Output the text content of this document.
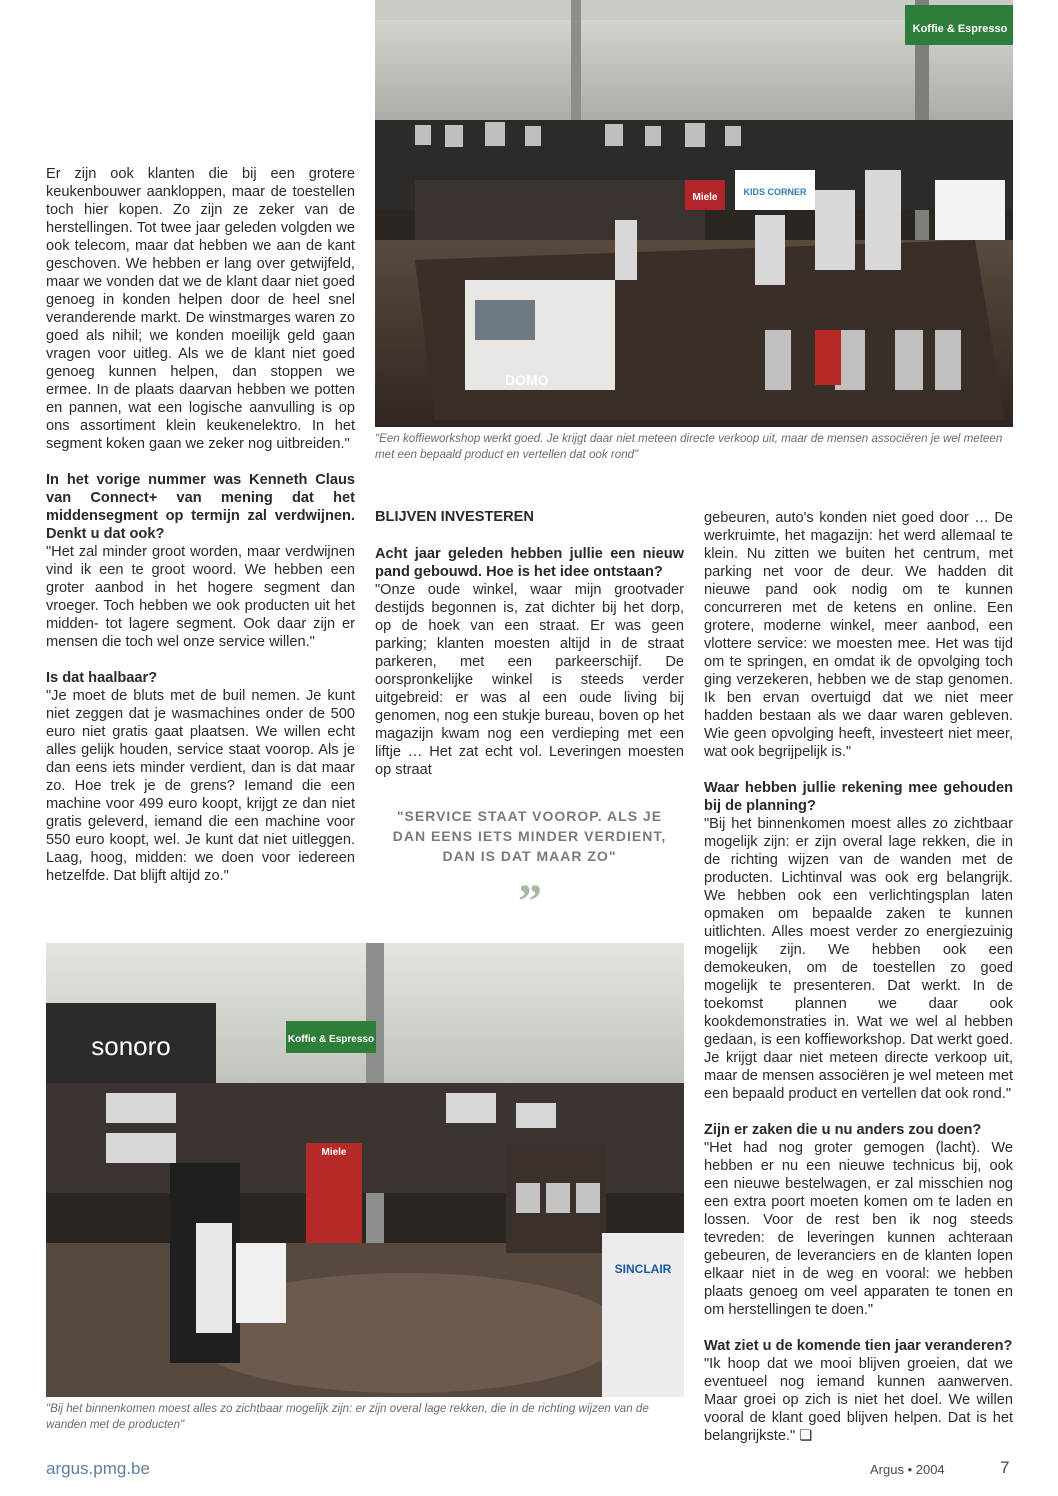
Er zijn ook klanten die bij een grotere keukenbouwer aankloppen, maar de toestellen toch hier kopen. Zo zijn ze zeker van de herstellingen. Tot twee jaar geleden volgden we ook telecom, maar dat hebben we aan de kant geschoven. We hebben er lang over getwijfeld, maar we vonden dat we de klant daar niet goed genoeg in konden helpen door de heel snel veranderende markt. De winstmarges waren zo goed als nihil; we konden moeilijk geld gaan vragen voor uitleg. Als we de klant niet goed genoeg kunnen helpen, dan stoppen we ermee. In de plaats daarvan hebben we potten en pannen, wat een logische aanvulling is op ons assortiment klein keukenelektro. In het segment koken gaan we zeker nog uitbreiden."

In het vorige nummer was Kenneth Claus van Connect+ van mening dat het middensegment op termijn zal verdwijnen. Denkt u dat ook?
"Het zal minder groot worden, maar verdwijnen vind ik een te groot woord. We hebben een groter aanbod in het hogere segment dan vroeger. Toch hebben we ook producten uit het midden- tot lagere segment. Ook daar zijn er mensen die toch wel onze service willen."

Is dat haalbaar?
"Je moet de bluts met de buil nemen. Je kunt niet zeggen dat je wasmachines onder de 500 euro niet gratis gaat plaatsen. We willen echt alles gelijk houden, service staat voorop. Als je dan eens iets minder verdient, dan is dat maar zo. Hoe trek je de grens? Iemand die een machine voor 499 euro koopt, krijgt ze dan niet gratis geleverd, iemand die een machine voor 550 euro koopt, wel. Je kunt dat niet uitleggen. Laag, hoog, midden: we doen voor iedereen hetzelfde. Dat blijft altijd zo."

Koffie & Espresso
DOMO
Miele	KIDS CORNER
"Een koffieworkshop werkt goed. Je krijgt daar niet meteen directe verkoop uit, maar de mensen associëren je wel meteen met een bepaald product en vertellen dat ook rond"
BLIJVEN INVESTEREN

Acht jaar geleden hebben jullie een nieuw pand gebouwd. Hoe is het idee ontstaan?
"Onze oude winkel, waar mijn grootvader destijds begonnen is, zat dichter bij het dorp, op de hoek van een straat. Er was geen parking; klanten moesten altijd in de straat parkeren, met een parkeerschijf. De oorspronkelijke winkel is steeds verder uitgebreid: er was al een oude living bij genomen, nog een stukje bureau, boven op het magazijn kwam nog een verdieping met een liftje … Het zat echt vol. Leveringen moesten op straat

"SERVICE STAAT VOOROP. ALS JE DAN EENS IETS MINDER VERDIENT, DAN IS DAT MAAR ZO"
”

gebeuren, auto's konden niet goed door … De werkruimte, het magazijn: het werd allemaal te klein. Nu zitten we buiten het centrum, met parking net voor de deur. We hadden dit nieuwe pand ook nodig om te kunnen concurreren met de ketens en online. Een grotere, moderne winkel, meer aanbod, een vlottere service: we moesten mee. Het was tijd om te springen, en omdat ik de opvolging toch ging verzekeren, hebben we de stap genomen. Ik ben ervan overtuigd dat we niet meer hadden bestaan als we daar waren gebleven. Wie geen opvolging heeft, investeert niet meer, wat ook begrijpelijk is."

Waar hebben jullie rekening mee gehouden bij de planning?
"Bij het binnenkomen moest alles zo zichtbaar mogelijk zijn: er zijn overal lage rekken, die in de richting wijzen van de wanden met de producten. Lichtinval was ook erg belangrijk. We hebben ook een verlichtingsplan laten opmaken om bepaalde zaken te kunnen uitlichten. Alles moest verder zo energiezuinig mogelijk zijn. We hebben ook een demokeuken, om de toestellen zo goed mogelijk te presenteren. Dat werkt. In de toekomst plannen we daar ook kookdemonstraties in. Wat we wel al hebben gedaan, is een koffieworkshop. Dat werkt goed. Je krijgt daar niet meteen directe verkoop uit, maar de mensen associëren je wel meteen met een bepaald product en vertellen dat ook rond."

Zijn er zaken die u nu anders zou doen?
"Het had nog groter gemogen (lacht). We hebben er nu een nieuwe technicus bij, ook een nieuwe bestelwagen, er zal misschien nog een extra poort moeten komen om te laden en lossen. Voor de rest ben ik nog steeds tevreden: de leveringen kunnen achteraan gebeuren, de leveranciers en de klanten lopen elkaar niet in de weg en vooral: we hebben plaats genoeg om veel apparaten te tonen en om herstellingen te doen."

Wat ziet u de komende tien jaar veranderen?
"Ik hoop dat we mooi blijven groeien, dat we eventueel nog iemand kunnen aanwerven. Maar groei op zich is niet het doel. We willen vooral de klant goed blijven helpen. Dat is het belangrijkste." ❏

sonoro	Koffie & Espresso
Miele
SINCLAIR
"Bij het binnenkomen moest alles zo zichtbaar mogelijk zijn: er zijn overal lage rekken, die in de richting wijzen van de wanden met de producten"
argus.pmg.be	Argus • 2004	7
